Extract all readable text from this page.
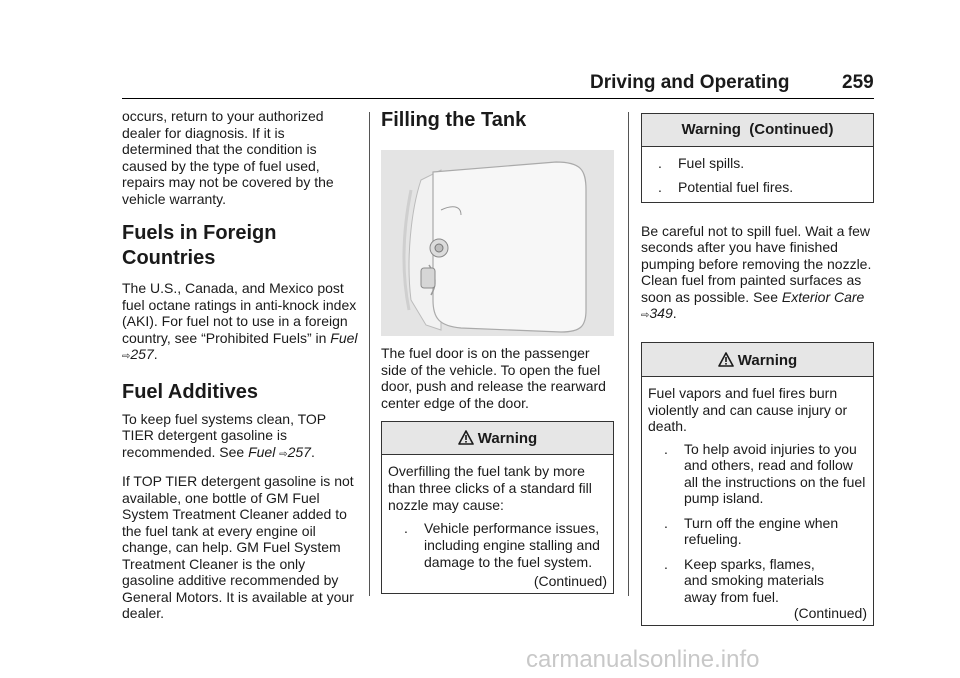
Driving and Operating	259

occurs, return to your authorized dealer for diagnosis. If it is determined that the condition is caused by the type of fuel used, repairs may not be covered by the vehicle warranty.

Fuels in Foreign
Countries

The U.S., Canada, and Mexico post fuel octane ratings in anti-knock index (AKI). For fuel not to use in a foreign country, see “Prohibited Fuels” in Fuel ⇨257.

Fuel Additives

To keep fuel systems clean, TOP TIER detergent gasoline is recommended. See Fuel ⇨257.

If TOP TIER detergent gasoline is not available, one bottle of GM Fuel System Treatment Cleaner added to the fuel tank at every engine oil change, can help. GM Fuel System Treatment Cleaner is the only gasoline additive recommended by General Motors. It is available at your dealer.

Filling the Tank

The fuel door is on the passenger side of the vehicle. To open the fuel door, push and release the rearward center edge of the door.

Warning

Overfilling the fuel tank by more than three clicks of a standard fill nozzle may cause:

.	Vehicle performance issues, including engine stalling and damage to the fuel system.
(Continued)
Warning  (Continued)
.	Fuel spills.
.	Potential fuel fires.

Be careful not to spill fuel. Wait a few seconds after you have finished pumping before removing the nozzle. Clean fuel from painted surfaces as soon as possible. See Exterior Care ⇨349.

Warning

Fuel vapors and fuel fires burn violently and can cause injury or death.

.	To help avoid injuries to you and others, read and follow all the instructions on the fuel pump island.
.	Turn off the engine when refueling.
.	Keep sparks, flames, and smoking materials away from fuel.
(Continued)
carmanualsonline.info
